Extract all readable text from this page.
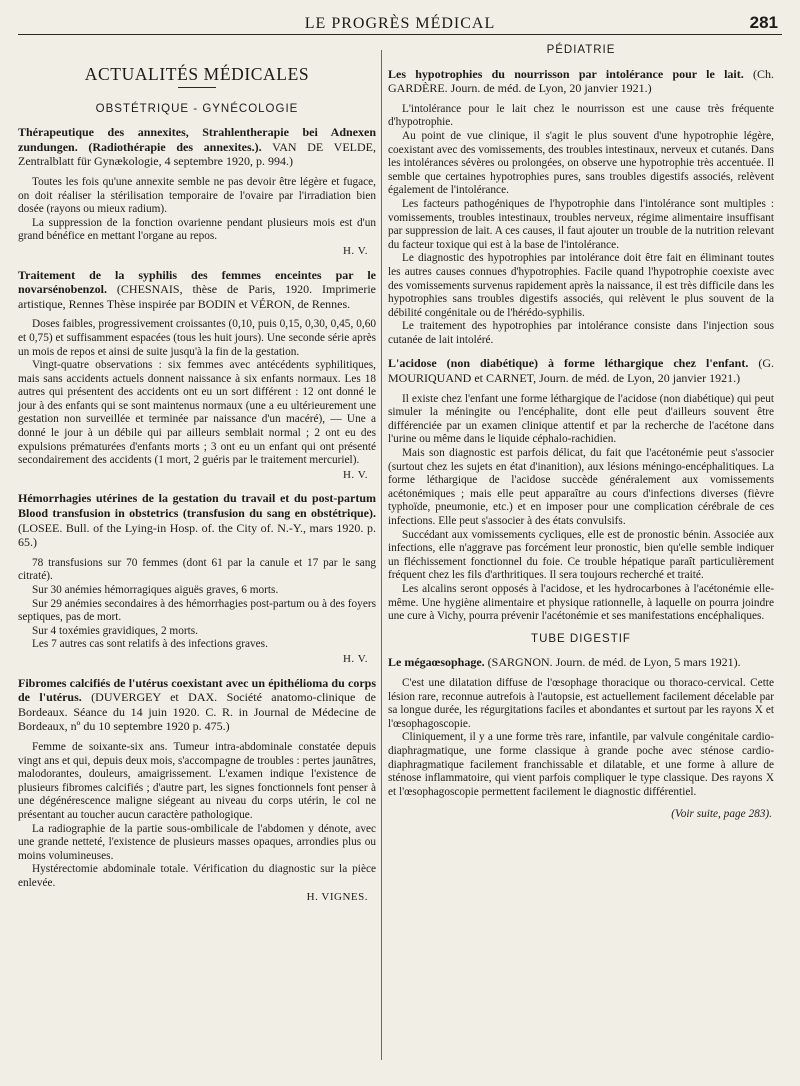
LE PROGRÈS MÉDICAL	281
ACTUALITÉS MÉDICALES
OBSTÉTRIQUE - GYNÉCOLOGIE

Thérapeutique des annexites, Strahlentherapie bei Adnexen zundungen. (Radiothérapie des annexites.). VAN DE VELDE, Zentralblatt für Gynækologie, 4 septembre 1920, p. 994.)

Toutes les fois qu'une annexite semble ne pas devoir être légère et fugace, on doit réaliser la stérilisation temporaire de l'ovaire par l'irradiation bien dosée (rayons ou mieux radium).

La suppression de la fonction ovarienne pendant plusieurs mois est d'un grand bénéfice en mettant l'organe au repos.

H. V.

Traitement de la syphilis des femmes enceintes par le novarsénobenzol. (CHESNAIS, thèse de Paris, 1920. Imprimerie artistique, Rennes Thèse inspirée par BODIN et VÉRON, de Rennes.

Doses faibles, progressivement croissantes (0,10, puis 0,15, 0,30, 0,45, 0,60 et 0,75) et suffisamment espacées (tous les huit jours). Une seconde série après un mois de repos et ainsi de suite jusqu'à la fin de la gestation.

Vingt-quatre observations : six femmes avec antécédents syphilitiques, mais sans accidents actuels donnent naissance à six enfants normaux. Les 18 autres qui présentent des accidents ont eu un sort différent : 12 ont donné le jour à des enfants qui se sont maintenus normaux (une a eu ultérieurement une gestation non surveillée et terminée par naissance d'un macéré), — Une a donné le jour à un débile qui par ailleurs semblait normal ; 2 ont eu des expulsions prématurées d'enfants morts ; 3 ont eu un enfant qui ont présenté secondairement des accidents (1 mort, 2 guéris par le traitement mercuriel).

H. V.

Hémorrhagies utérines de la gestation du travail et du post-partum Blood transfusion in obstetrics (transfusion du sang en obstétrique). (LOSEE. Bull. of the Lying-in Hosp. of. the City of. N.-Y., mars 1920. p. 65.)

78 transfusions sur 70 femmes (dont 61 par la canule et 17 par le sang citraté).

Sur 30 anémies hémorragiques aiguës graves, 6 morts.

Sur 29 anémies secondaires à des hémorrhagies post-partum ou à des foyers septiques, pas de mort.

Sur 4 toxémies gravidiques, 2 morts.

Les 7 autres cas sont relatifs à des infections graves.

H. V.

Fibromes calcifiés de l'utérus coexistant avec un épithélioma du corps de l'utérus. (DUVERGEY et DAX. Société anatomo-clinique de Bordeaux. Séance du 14 juin 1920. C. R. in Journal de Médecine de Bordeaux, nº du 10 septembre 1920 p. 475.)

Femme de soixante-six ans. Tumeur intra-abdominale constatée depuis vingt ans et qui, depuis deux mois, s'accompagne de troubles : pertes jaunâtres, malodorantes, douleurs, amaigrissement. L'examen indique l'existence de plusieurs fibromes calcifiés ; d'autre part, les signes fonctionnels font penser à une dégénérescence maligne siégeant au niveau du corps utérin, le col ne présentant au toucher aucun caractère pathologique.

La radiographie de la partie sous-ombilicale de l'abdomen y dénote, avec une grande netteté, l'existence de plusieurs masses opaques, arrondies plus ou moins volumineuses.

Hystérectomie abdominale totale. Vérification du diagnostic sur la pièce enlevée.

H. VIGNES.
PÉDIATRIE

Les hypotrophies du nourrisson par intolérance pour le lait. (Ch. GARDÈRE. Journ. de méd. de Lyon, 20 janvier 1921.)

L'intolérance pour le lait chez le nourrisson est une cause très fréquente d'hypotrophie.

Au point de vue clinique, il s'agit le plus souvent d'une hypotrophie légère, coexistant avec des vomissements, des troubles intestinaux, nerveux et cutanés. Dans les intolérances sévères ou prolongées, on observe une hypotrophie très accentuée. Il semble que certaines hypotrophies pures, sans troubles digestifs associés, relèvent également de l'intolérance.

Les facteurs pathogéniques de l'hypotrophie dans l'intolérance sont multiples : vomissements, troubles intestinaux, troubles nerveux, régime alimentaire insuffisant par suppression de lait. A ces causes, il faut ajouter un trouble de la nutrition relevant du facteur toxique qui est à la base de l'intolérance.

Le diagnostic des hypotrophies par intolérance doit être fait en éliminant toutes les autres causes connues d'hypotrophies. Facile quand l'hypotrophie coexiste avec des vomissements survenus rapidement après la naissance, il est très difficile dans les hypotrophies sans troubles digestifs associés, qui relèvent le plus souvent de la débilité congénitale ou de l'hérédo-syphilis.

Le traitement des hypotrophies par intolérance consiste dans l'injection sous cutanée de lait intoléré.

L'acidose (non diabétique) à forme léthargique chez l'enfant. (G. MOURIQUAND et CARNET, Journ. de méd. de Lyon, 20 janvier 1921.)

Il existe chez l'enfant une forme léthargique de l'acidose (non diabétique) qui peut simuler la méningite ou l'encéphalite, dont elle peut d'ailleurs souvent être différenciée par un examen clinique attentif et par la recherche de l'acétone dans l'urine ou même dans le liquide céphalo-rachidien.

Mais son diagnostic est parfois délicat, du fait que l'acétonémie peut s'associer (surtout chez les sujets en état d'inanition), aux lésions méningo-encéphalitiques. La forme léthargique de l'acidose succède généralement aux vomissements acétonémiques ; mais elle peut apparaître au cours d'infections diverses (fièvre typhoïde, pneumonie, etc.) et en imposer pour une complication cérébrale de ces infections. Elle peut s'associer à des états convulsifs.

Succédant aux vomissements cycliques, elle est de pronostic bénin. Associée aux infections, elle n'aggrave pas forcément leur pronostic, bien qu'elle semble indiquer un fléchissement fonctionnel du foie. Ce trouble hépatique paraît particulièrement fréquent chez les fils d'arthritiques. Il sera toujours recherché et traité.

Les alcalins seront opposés à l'acidose, et les hydrocarbones à l'acétonémie elle-même. Une hygiène alimentaire et physique rationnelle, à laquelle on pourra joindre une cure à Vichy, pourra prévenir l'acétonémie et ses manifestations encéphaliques.

TUBE DIGESTIF

Le mégaœsophage. (SARGNON. Journ. de méd. de Lyon, 5 mars 1921).

C'est une dilatation diffuse de l'œsophage thoracique ou thoraco-cervical. Cette lésion rare, reconnue autrefois à l'autopsie, est actuellement facilement décelable par sa longue durée, les régurgitations faciles et abondantes et surtout par les rayons X et l'œsophagoscopie.

Cliniquement, il y a une forme très rare, infantile, par valvule congénitale cardio-diaphragmatique, une forme classique à grande poche avec sténose cardio-diaphragmatique facilement franchissable et dilatable, et une forme à allure de sténose inflammatoire, qui vient parfois compliquer le type classique. Des rayons X et l'œsophagoscopie permettent facilement le diagnostic différentiel.

(Voir suite, page 283).
